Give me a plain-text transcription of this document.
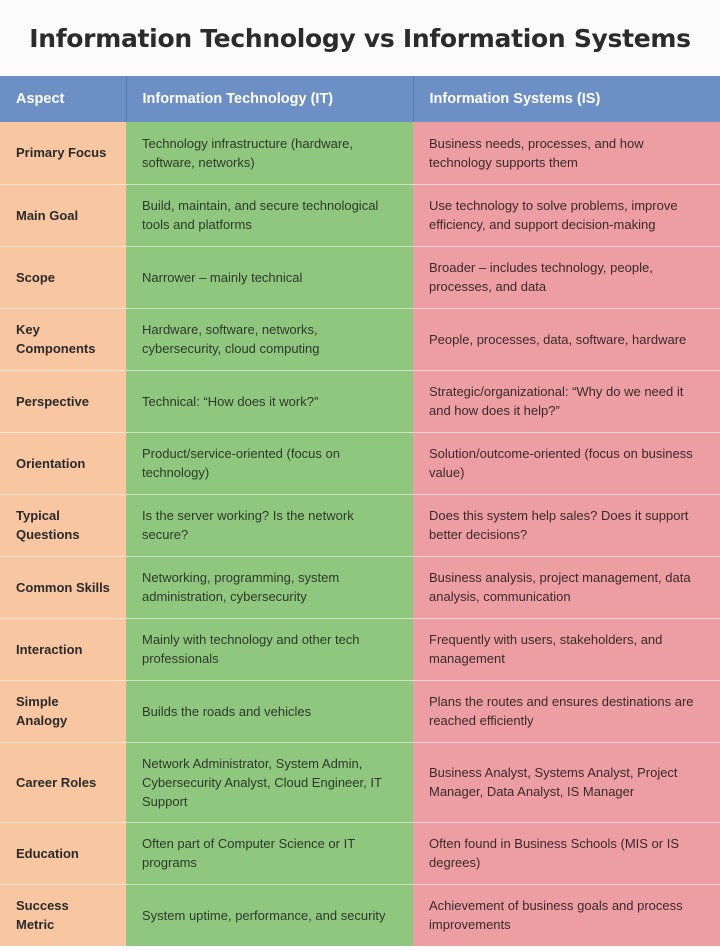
Information Technology vs Information Systems
Aspect	Information Technology (IT)	Information Systems (IS)
Primary Focus	Technology infrastructure (hardware, software, networks)	Business needs, processes, and how technology supports them
Main Goal	Build, maintain, and secure technological tools and platforms	Use technology to solve problems, improve efficiency, and support decision-making
Scope	Narrower – mainly technical	Broader – includes technology, people, processes, and data
Key Components	Hardware, software, networks, cybersecurity, cloud computing	People, processes, data, software, hardware
Perspective	Technical: “How does it work?”	Strategic/organizational: “Why do we need it and how does it help?”
Orientation	Product/service-oriented (focus on technology)	Solution/outcome-oriented (focus on business value)
Typical Questions	Is the server working? Is the network secure?	Does this system help sales? Does it support better decisions?
Common Skills	Networking, programming, system administration, cybersecurity	Business analysis, project management, data analysis, communication
Interaction	Mainly with technology and other tech professionals	Frequently with users, stakeholders, and management
Simple Analogy	Builds the roads and vehicles	Plans the routes and ensures destinations are reached efficiently
Career Roles	Network Administrator, System Admin, Cybersecurity Analyst, Cloud Engineer, IT Support	Business Analyst, Systems Analyst, Project Manager, Data Analyst, IS Manager
Education	Often part of Computer Science or IT programs	Often found in Business Schools (MIS or IS degrees)
Success Metric	System uptime, performance, and security	Achievement of business goals and process improvements
